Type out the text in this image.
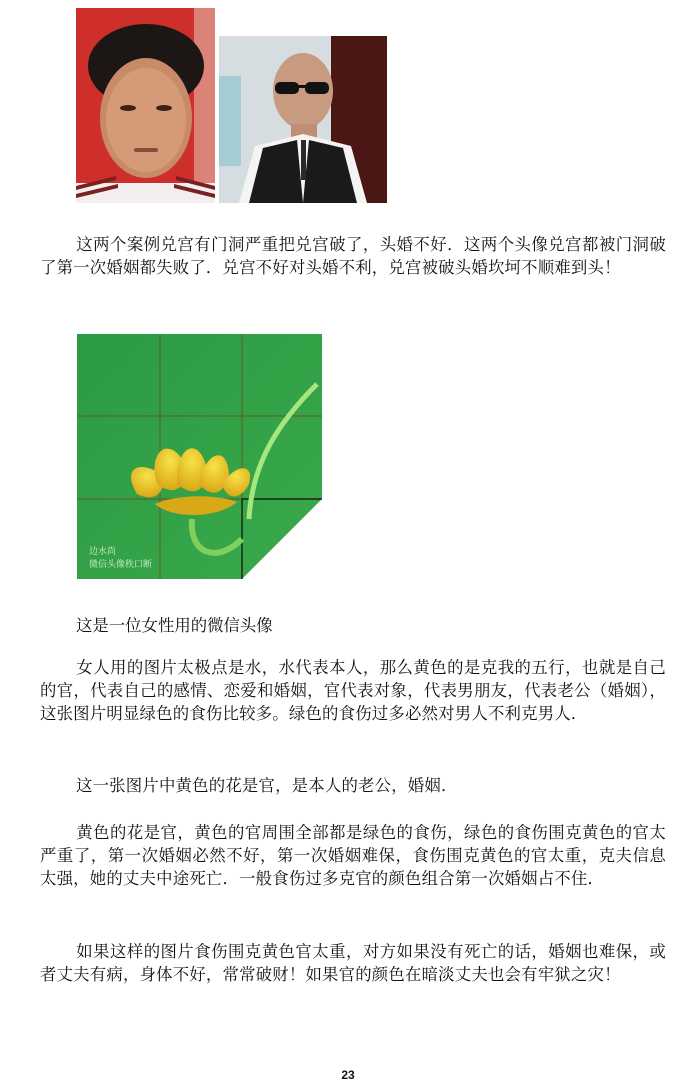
这两个案例兑宫有门洞严重把兑宫破了，头婚不好．这两个头像兑宫都被门洞破了第一次婚姻都失败了．兑宫不好对头婚不利，兑宫被破头婚坎坷不顺难到头！

边水尚
微信头像秩口断
这是一位女性用的微信头像

女人用的图片太极点是水，水代表本人，那么黄色的是克我的五行，也就是自己的官，代表自己的感情、恋爱和婚姻，官代表对象，代表男朋友，代表老公（婚姻），这张图片明显绿色的食伤比较多。绿色的食伤过多必然对男人不利克男人．

这一张图片中黄色的花是官，是本人的老公，婚姻．

黄色的花是官，黄色的官周围全部都是绿色的食伤，绿色的食伤围克黄色的官太严重了，第一次婚姻必然不好，第一次婚姻难保，食伤围克黄色的官太重，克夫信息太强，她的丈夫中途死亡．一般食伤过多克官的颜色组合第一次婚姻占不住．

如果这样的图片食伤围克黄色官太重，对方如果没有死亡的话，婚姻也难保，或者丈夫有病，身体不好，常常破财！如果官的颜色在暗淡丈夫也会有牢狱之灾！

23
